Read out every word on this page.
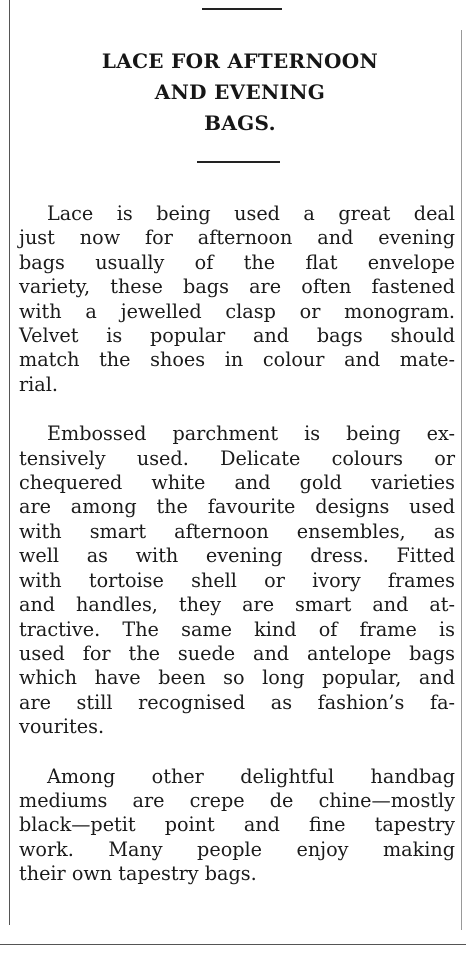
LACE FOR AFTERNOON
AND EVENING
BAGS.

Lace is being used a great deal
just now for afternoon and evening
bags usually of the flat envelope
variety, these bags are often fastened
with a jewelled clasp or monogram.
Velvet is popular and bags should
match the shoes in colour and mate-
rial.

Embossed parchment is being ex-
tensively used. Delicate colours or
chequered white and gold varieties
are among the favourite designs used
with smart afternoon ensembles, as
well as with evening dress. Fitted
with tortoise shell or ivory frames
and handles, they are smart and at-
tractive. The same kind of frame is
used for the suede and antelope bags
which have been so long popular, and
are still recognised as fashion’s fa-
vourites.

Among other delightful handbag
mediums are crepe de chine—mostly
black—petit point and fine tapestry
work. Many people enjoy making
their own tapestry bags.
